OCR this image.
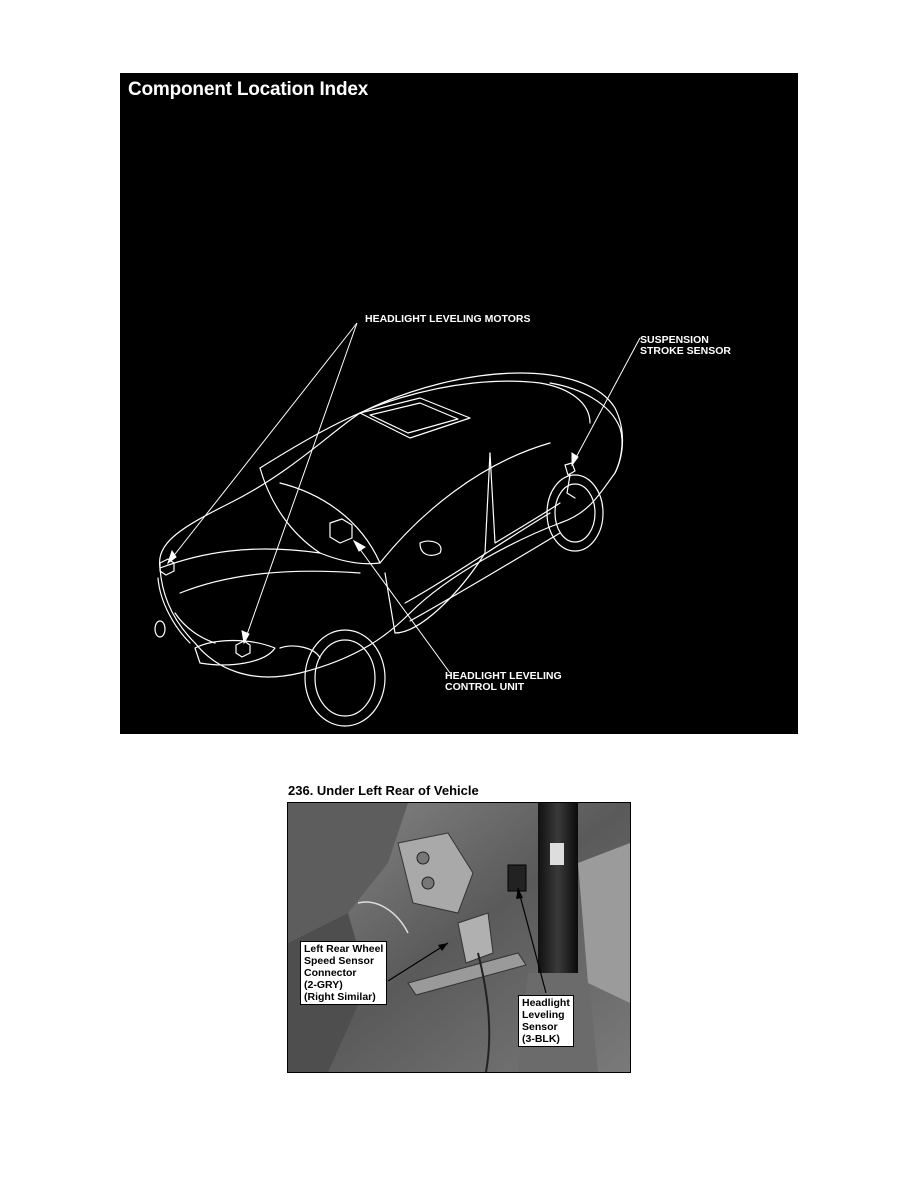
Component Location Index
HEADLIGHT LEVELING MOTORS
SUSPENSION
STROKE SENSOR
HEADLIGHT LEVELING
CONTROL UNIT
236. Under Left Rear of Vehicle
Left Rear Wheel
Speed Sensor
Connector
(2-GRY)
(Right Similar)	Headlight
Leveling
Sensor
(3-BLK)
